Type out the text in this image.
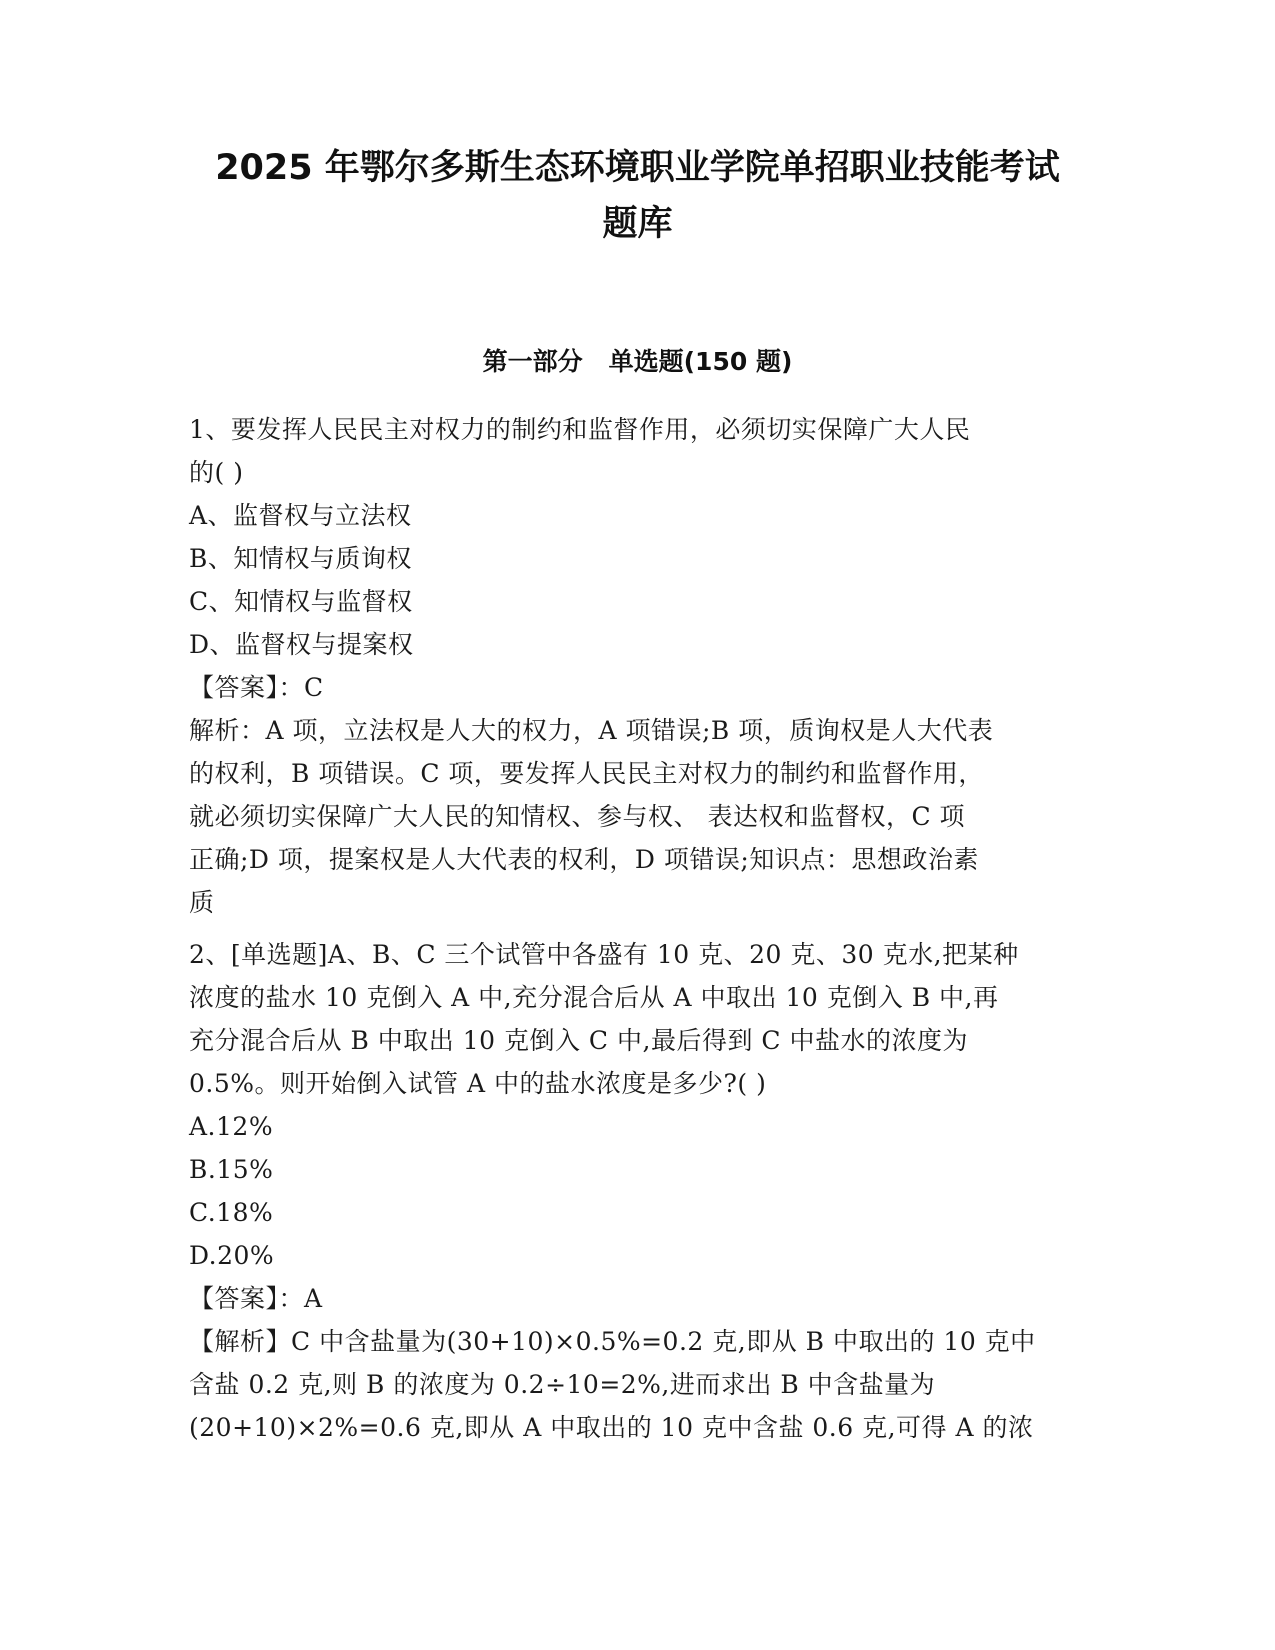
2025 年鄂尔多斯生态环境职业学院单招职业技能考试
题库
第一部分 单选题(150 题)
1、要发挥人民民主对权力的制约和监督作用，必须切实保障广大人民
的( )
A、监督权与立法权
B、知情权与质询权
C、知情权与监督权
D、监督权与提案权
【答案】：C
解析：A 项，立法权是人大的权力，A 项错误;B 项，质询权是人大代表
的权利，B 项错误。C 项，要发挥人民民主对权力的制约和监督作用，
就必须切实保障广大人民的知情权、参与权、 表达权和监督权，C 项
正确;D 项，提案权是人大代表的权利，D 项错误;知识点：思想政治素
质
2、[单选题]A、B、C 三个试管中各盛有 10 克、20 克、30 克水,把某种
浓度的盐水 10 克倒入 A 中,充分混合后从 A 中取出 10 克倒入 B 中,再
充分混合后从 B 中取出 10 克倒入 C 中,最后得到 C 中盐水的浓度为
0.5%。则开始倒入试管 A 中的盐水浓度是多少?( )
A.12%
B.15%
C.18%
D.20%
【答案】：A
【解析】C 中含盐量为(30+10)×0.5%=0.2 克,即从 B 中取出的 10 克中
含盐 0.2 克,则 B 的浓度为 0.2÷10=2%,进而求出 B 中含盐量为
(20+10)×2%=0.6 克,即从 A 中取出的 10 克中含盐 0.6 克,可得 A 的浓
